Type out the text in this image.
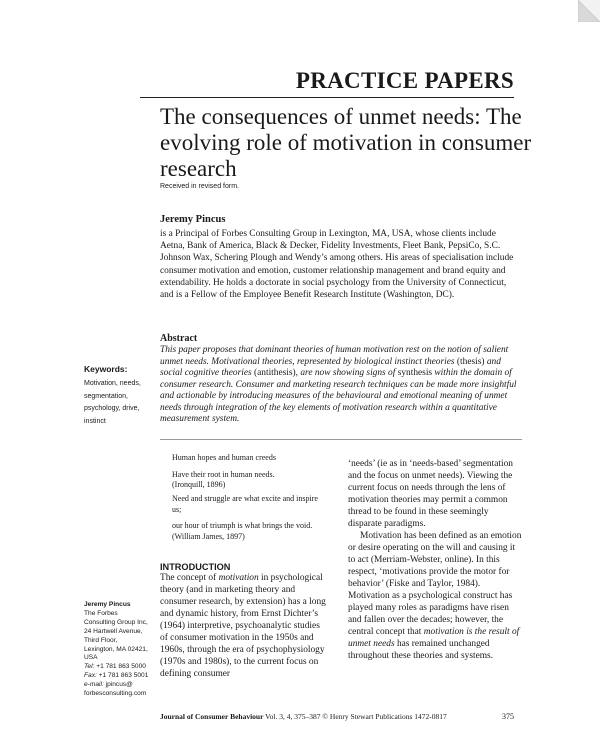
PRACTICE PAPERS
The consequences of unmet needs: The evolving role of motivation in consumer research
Received in revised form.
Jeremy Pincus
is a Principal of Forbes Consulting Group in Lexington, MA, USA, whose clients include Aetna, Bank of America, Black & Decker, Fidelity Investments, Fleet Bank, PepsiCo, S.C. Johnson Wax, Schering Plough and Wendy’s among others. His areas of specialisation include consumer motivation and emotion, customer relationship management and brand equity and extendability. He holds a doctorate in social psychology from the University of Connecticut, and is a Fellow of the Employee Benefit Research Institute (Washington, DC).
Abstract
This paper proposes that dominant theories of human motivation rest on the notion of salient unmet needs. Motivational theories, represented by biological instinct theories (thesis) and social cognitive theories (antithesis), are now showing signs of synthesis within the domain of consumer research. Consumer and marketing research techniques can be made more insightful and actionable by introducing measures of the behavioural and emotional meaning of unmet needs through integration of the key elements of motivation research within a quantitative measurement system.
Keywords:
Motivation, needs,
segmentation,
psychology, drive,
instinct
Human hopes and human creeds
Have their root in human needs.
(Ironquill, 1896)
Need and struggle are what excite and inspire us;
our hour of triumph is what brings the void. (William James, 1897)
INTRODUCTION
The concept of motivation in psychological theory (and in marketing theory and consumer research, by extension) has a long and dynamic history, from Ernst Dichter’s (1964) interpretive, psychoanalytic studies of consumer motivation in the 1950s and 1960s, through the era of psychophysiology (1970s and 1980s), to the current focus on defining consumer

‘needs’ (ie as in ‘needs-based’ segmentation and the focus on unmet needs). Viewing the current focus on needs through the lens of motivation theories may permit a common thread to be found in these seemingly disparate paradigms.

Motivation has been defined as an emotion or desire operating on the will and causing it to act (Merriam-Webster, online). In this respect, ‘motivations provide the motor for behavior’ (Fiske and Taylor, 1984). Motivation as a psychological construct has played many roles as paradigms have risen and fallen over the decades; however, the central concept that motivation is the result of unmet needs has remained unchanged throughout these theories and systems.

Jeremy Pincus
The Forbes
Consulting Group Inc,
24 Hartwell Avenue,
Third Floor,
Lexington, MA 02421,
USA
Tel: +1 781 863 5000
Fax: +1 781 863 5001
e-mail: jpincus@
forbesconsulting.com
Journal of Consumer Behaviour Vol. 3, 4, 375–387 © Henry Stewart Publications 1472-0817	375
